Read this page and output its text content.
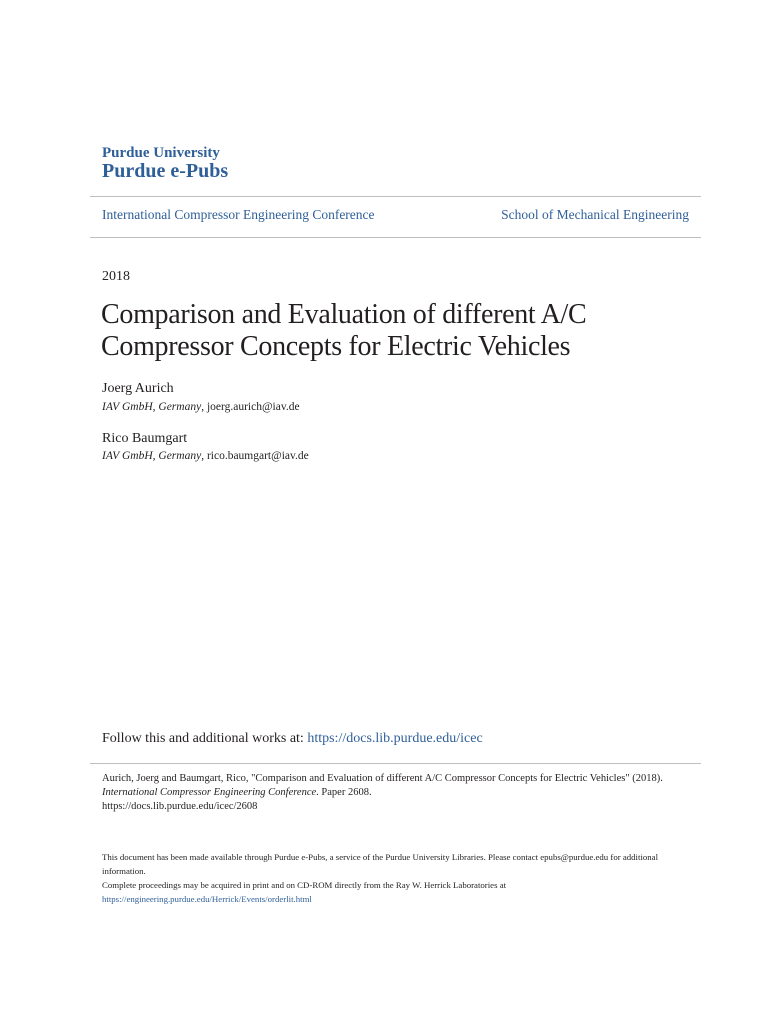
Purdue University
Purdue e-Pubs
International Compressor Engineering Conference	School of Mechanical Engineering
2018
Comparison and Evaluation of different A/C Compressor Concepts for Electric Vehicles
Joerg Aurich
IAV GmbH, Germany, joerg.aurich@iav.de
Rico Baumgart
IAV GmbH, Germany, rico.baumgart@iav.de
Follow this and additional works at: https://docs.lib.purdue.edu/icec
Aurich, Joerg and Baumgart, Rico, "Comparison and Evaluation of different A/C Compressor Concepts for Electric Vehicles" (2018).
International Compressor Engineering Conference. Paper 2608.
https://docs.lib.purdue.edu/icec/2608
This document has been made available through Purdue e-Pubs, a service of the Purdue University Libraries. Please contact epubs@purdue.edu for additional information.
Complete proceedings may be acquired in print and on CD-ROM directly from the Ray W. Herrick Laboratories at https://engineering.purdue.edu/Herrick/Events/orderlit.html
